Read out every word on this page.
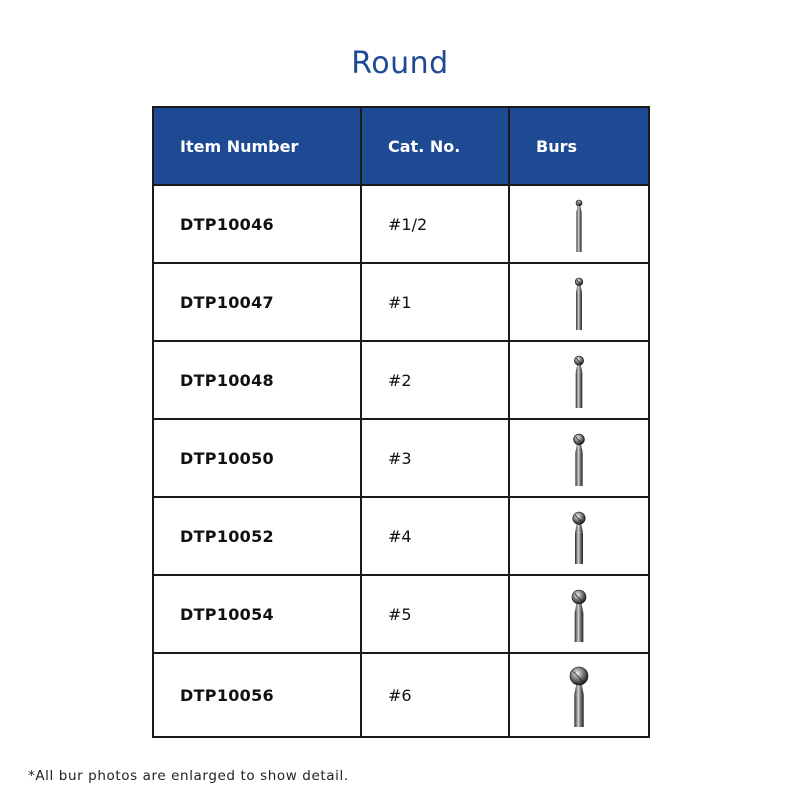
Round
Item Number	Cat. No.	Burs

DTP10046	#1/2

DTP10047	#1

DTP10048	#2

DTP10050	#3

DTP10052	#4

DTP10054	#5

DTP10056	#6

*All bur photos are enlarged to show detail.
